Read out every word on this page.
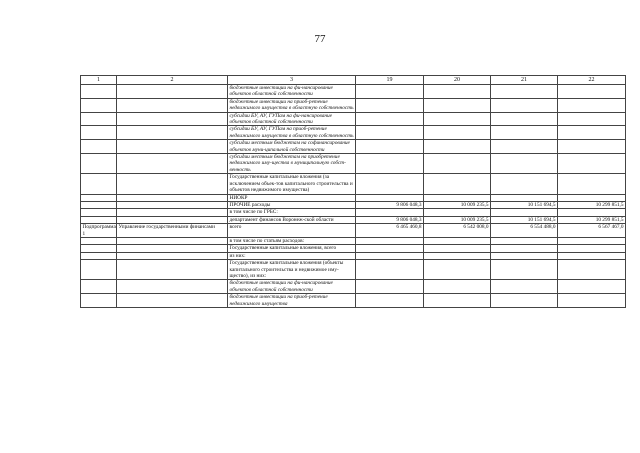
77
1	2	3	19	20	21	22
		бюджетные инвестиции на фи-нансирование объектов областной собственности				
		бюджетные инвестиции на приоб-ретение недвижимого имущества в областную собственность				
		субсидии БУ, АУ, ГУПам на фи-нансирование объектов областной собственности				
		субсидии БУ, АУ, ГУПам на приоб-ретение недвижимого имущества в областную собственность				
		субсидии местным бюджетам на софинансирование объектов муни-ципальной собственности				
		субсидии местным бюджетам на приобретение недвижимого иму-щества в муниципальную собст-венность				
		Государственные капитальные вложения (за исключением объек-тов капитального строительства и объектов недвижимого имущества)				
		НИОКР				
		ПРОЧИЕ расходы	9 806 048,3	10 009 235,5	10 151 694,5	10 299 851,5
		в том числе по ГРБС:				
		департамент финансов Воронеж-ской области	9 806 048,3	10 009 235,5	10 151 694,5	10 299 851,5
Подпрограмма 1	Управление государственными финансами	всего	6 465 460,8	6 542 008,0	6 554 488,0	6 567 467,0
		в том числе по статьям расходов:				
		Государственные капитальные вложения, всего				
		из них:				
		Государственные капитальные вложения (объекты капитального строительства и недвижимое иму-щество), из них:				
		бюджетные инвестиции на фи-нансирование объектов областной собственности				
		бюджетные инвестиции на приоб-ретение недвижимого имущества				
